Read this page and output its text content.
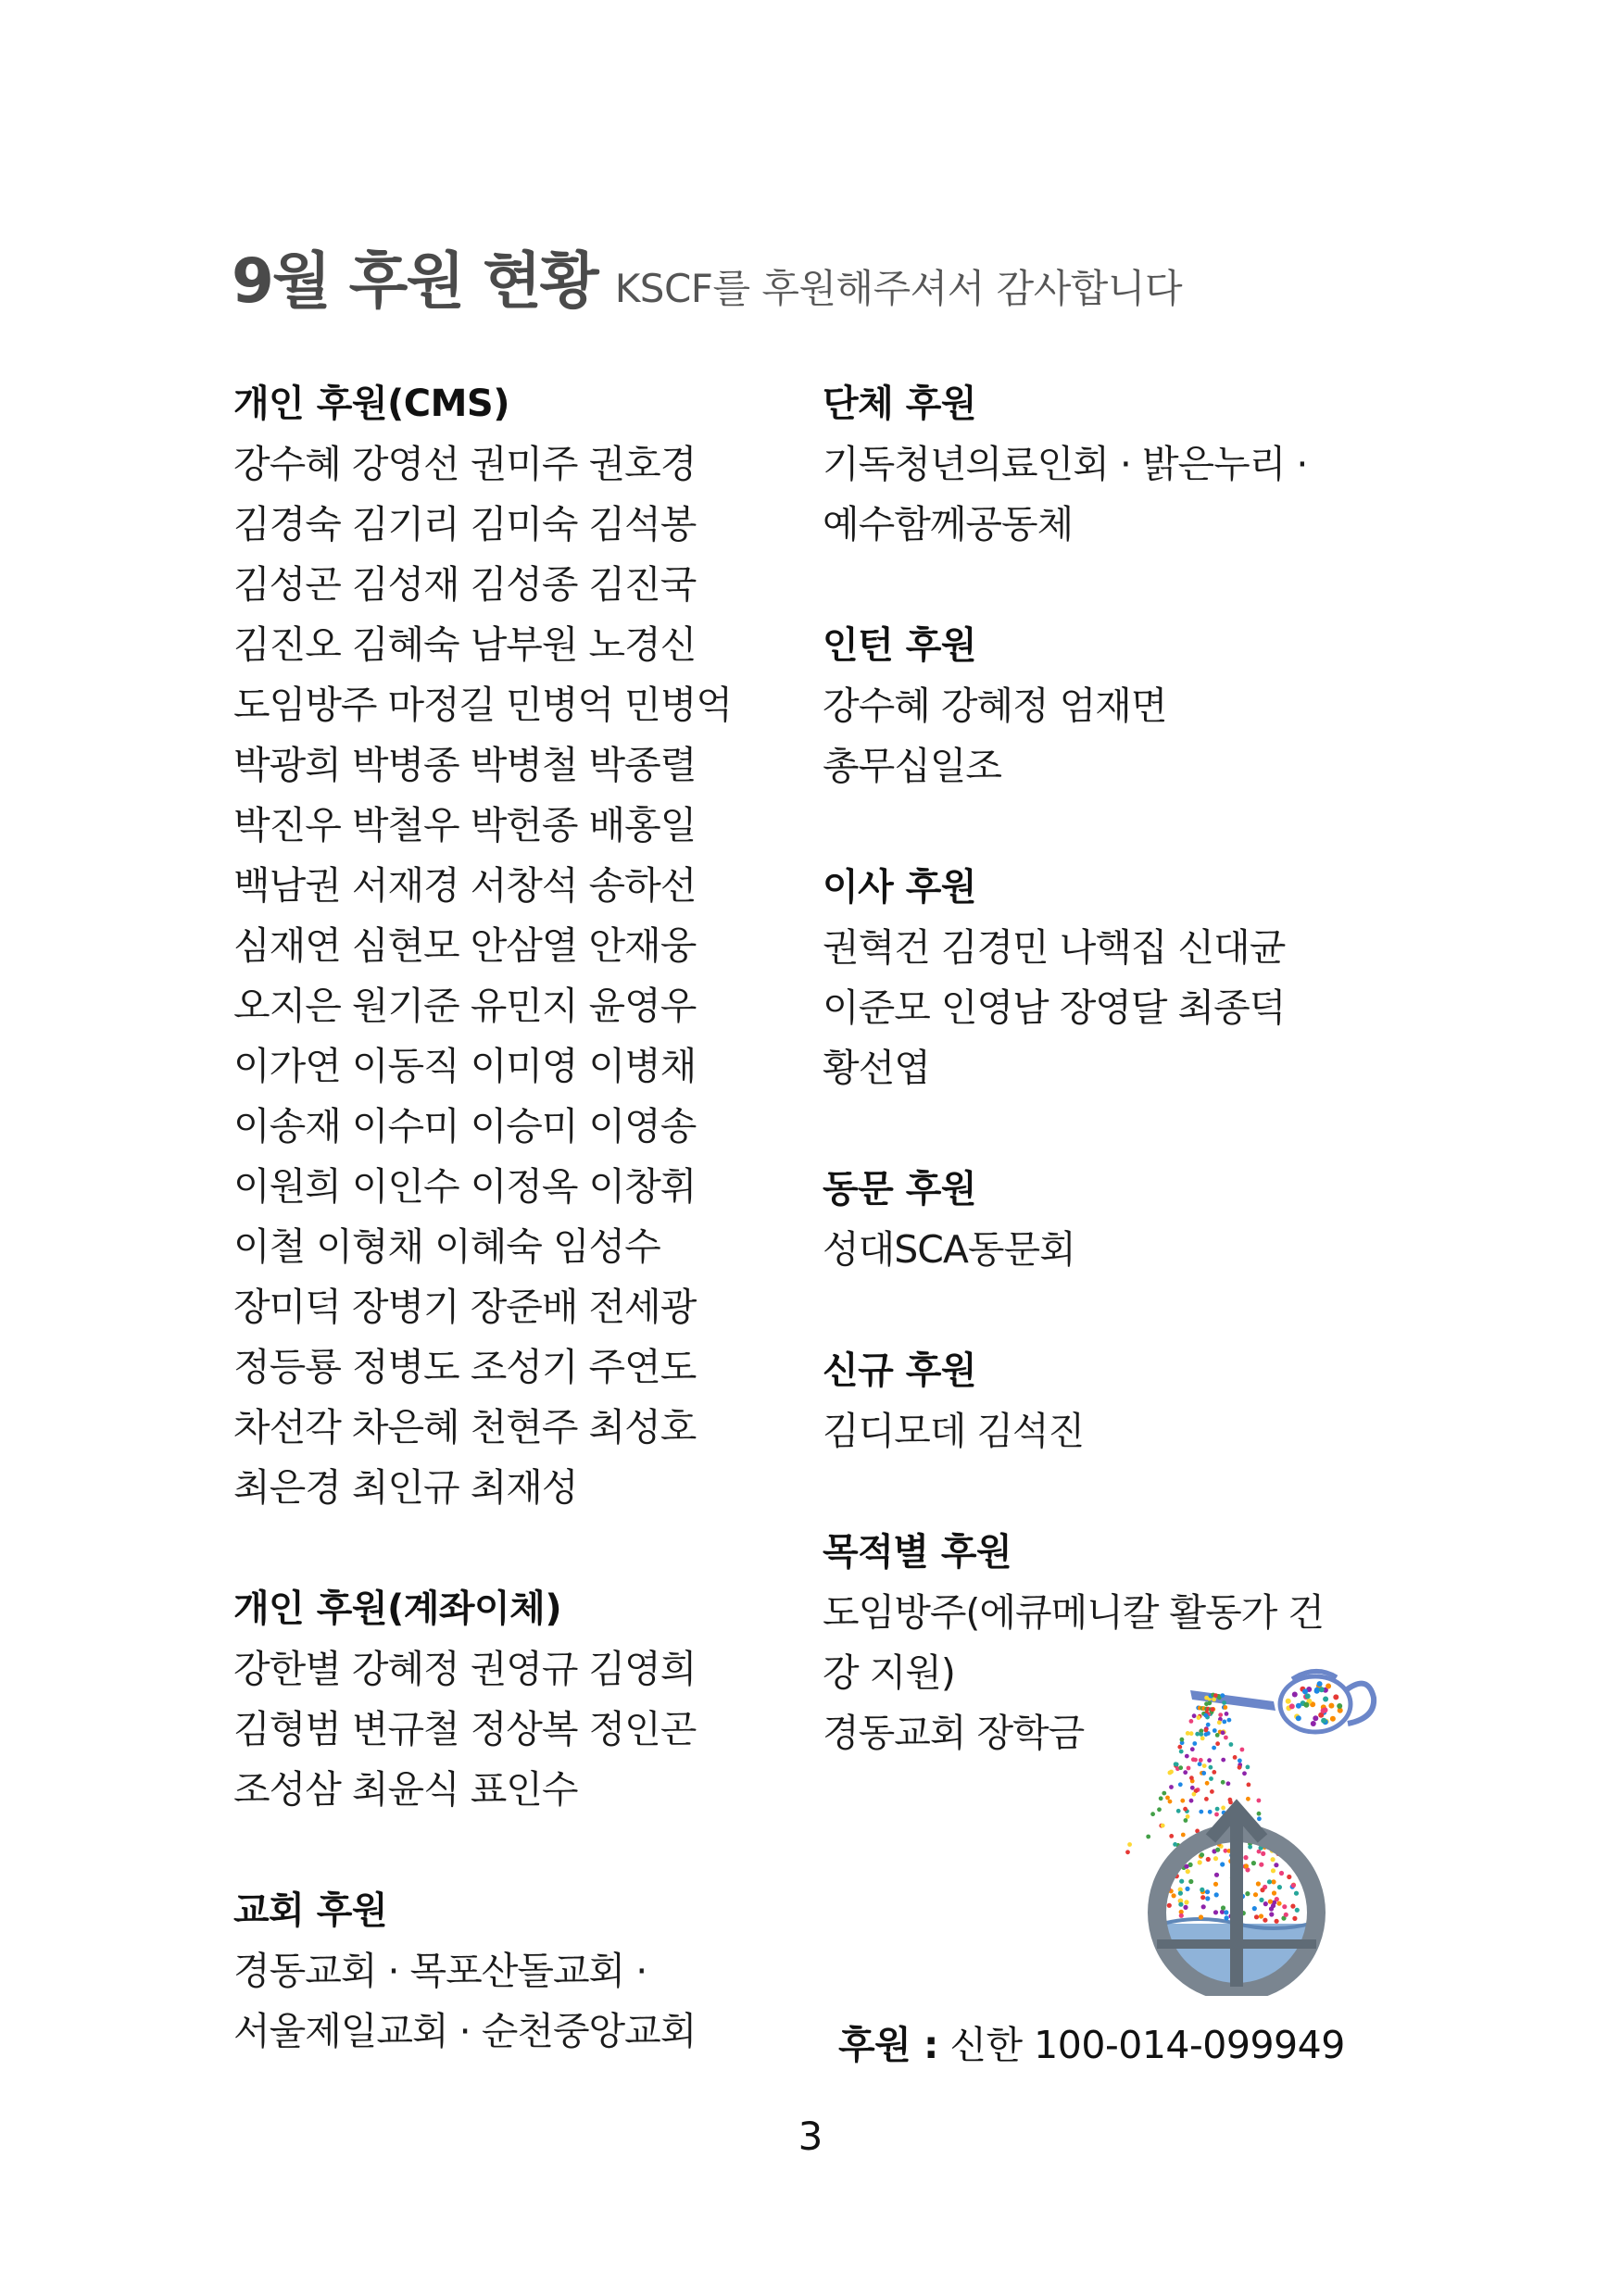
9월 후원 현황 KSCF를 후원해주셔서 감사합니다
개인 후원(CMS)
강수혜 강영선 권미주 권호경
김경숙 김기리 김미숙 김석봉
김성곤 김성재 김성종 김진국
김진오 김혜숙 남부원 노경신
도임방주 마정길 민병억 민병억
박광희 박병종 박병철 박종렬
박진우 박철우 박헌종 배홍일
백남권 서재경 서창석 송하선
심재연 심현모 안삼열 안재웅
오지은 원기준 유민지 윤영우
이가연 이동직 이미영 이병채
이송재 이수미 이승미 이영송
이원희 이인수 이정옥 이창휘
이철 이형채 이혜숙 임성수
장미덕 장병기 장준배 전세광
정등룡 정병도 조성기 주연도
차선각 차은혜 천현주 최성호
최은경 최인규 최재성
개인 후원(계좌이체)
강한별 강혜정 권영규 김영희
김형범 변규철 정상복 정인곤
조성삼 최윤식 표인수
교회 후원
경동교회 · 목포산돌교회 ·
서울제일교회 · 순천중앙교회
단체 후원
기독청년의료인회 · 밝은누리 ·
예수함께공동체
인턴 후원
강수혜 강혜정 엄재면
총무십일조
이사 후원
권혁건 김경민 나핵집 신대균
이준모 인영남 장영달 최종덕
황선엽
동문 후원
성대SCA동문회
신규 후원
김디모데 김석진
목적별 후원
도임방주(에큐메니칼 활동가 건
강 지원)
경동교회 장학금
후원 : 신한 100-014-099949
3
